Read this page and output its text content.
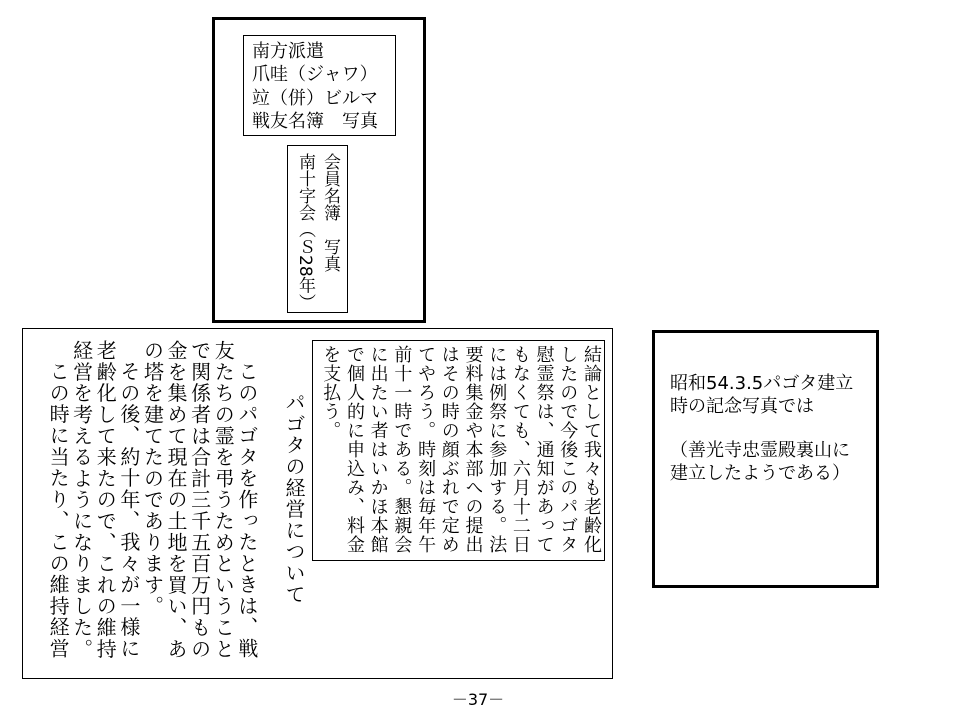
南方派遣
爪哇（ジャワ）
竝（併）ビルマ
戦友名簿　写真
会員名簿　写真
南十字会（Ｓ28年）
パゴタの経営について
このパゴタを作ったときは、戦
友たちの霊を弔うためということ
で関係者は合計三千五百万円もの
金を集めて現在の土地を買い、あ
の塔を建てたのであります。
その後、約十年、我々が一様に
老齢化して来たので、これの維持
経営を考えるようになりました。
この時に当たり、この維持経営	結論として我々も老齢化
したので今後このパゴタ
慰霊祭は、通知があって
もなくても、六月十二日
には例祭に参加する。法
要料集金や本部への提出
はその時の顔ぶれで定め
てやろう。時刻は毎年午
前十一時である。懇親会
に出たい者はいかほ本館
で個人的に申込み、料金
を支払う。	昭和54.3.5パゴタ建立
時の記念写真では
（善光寺忠霊殿裏山に
建立したようである）
－37－
